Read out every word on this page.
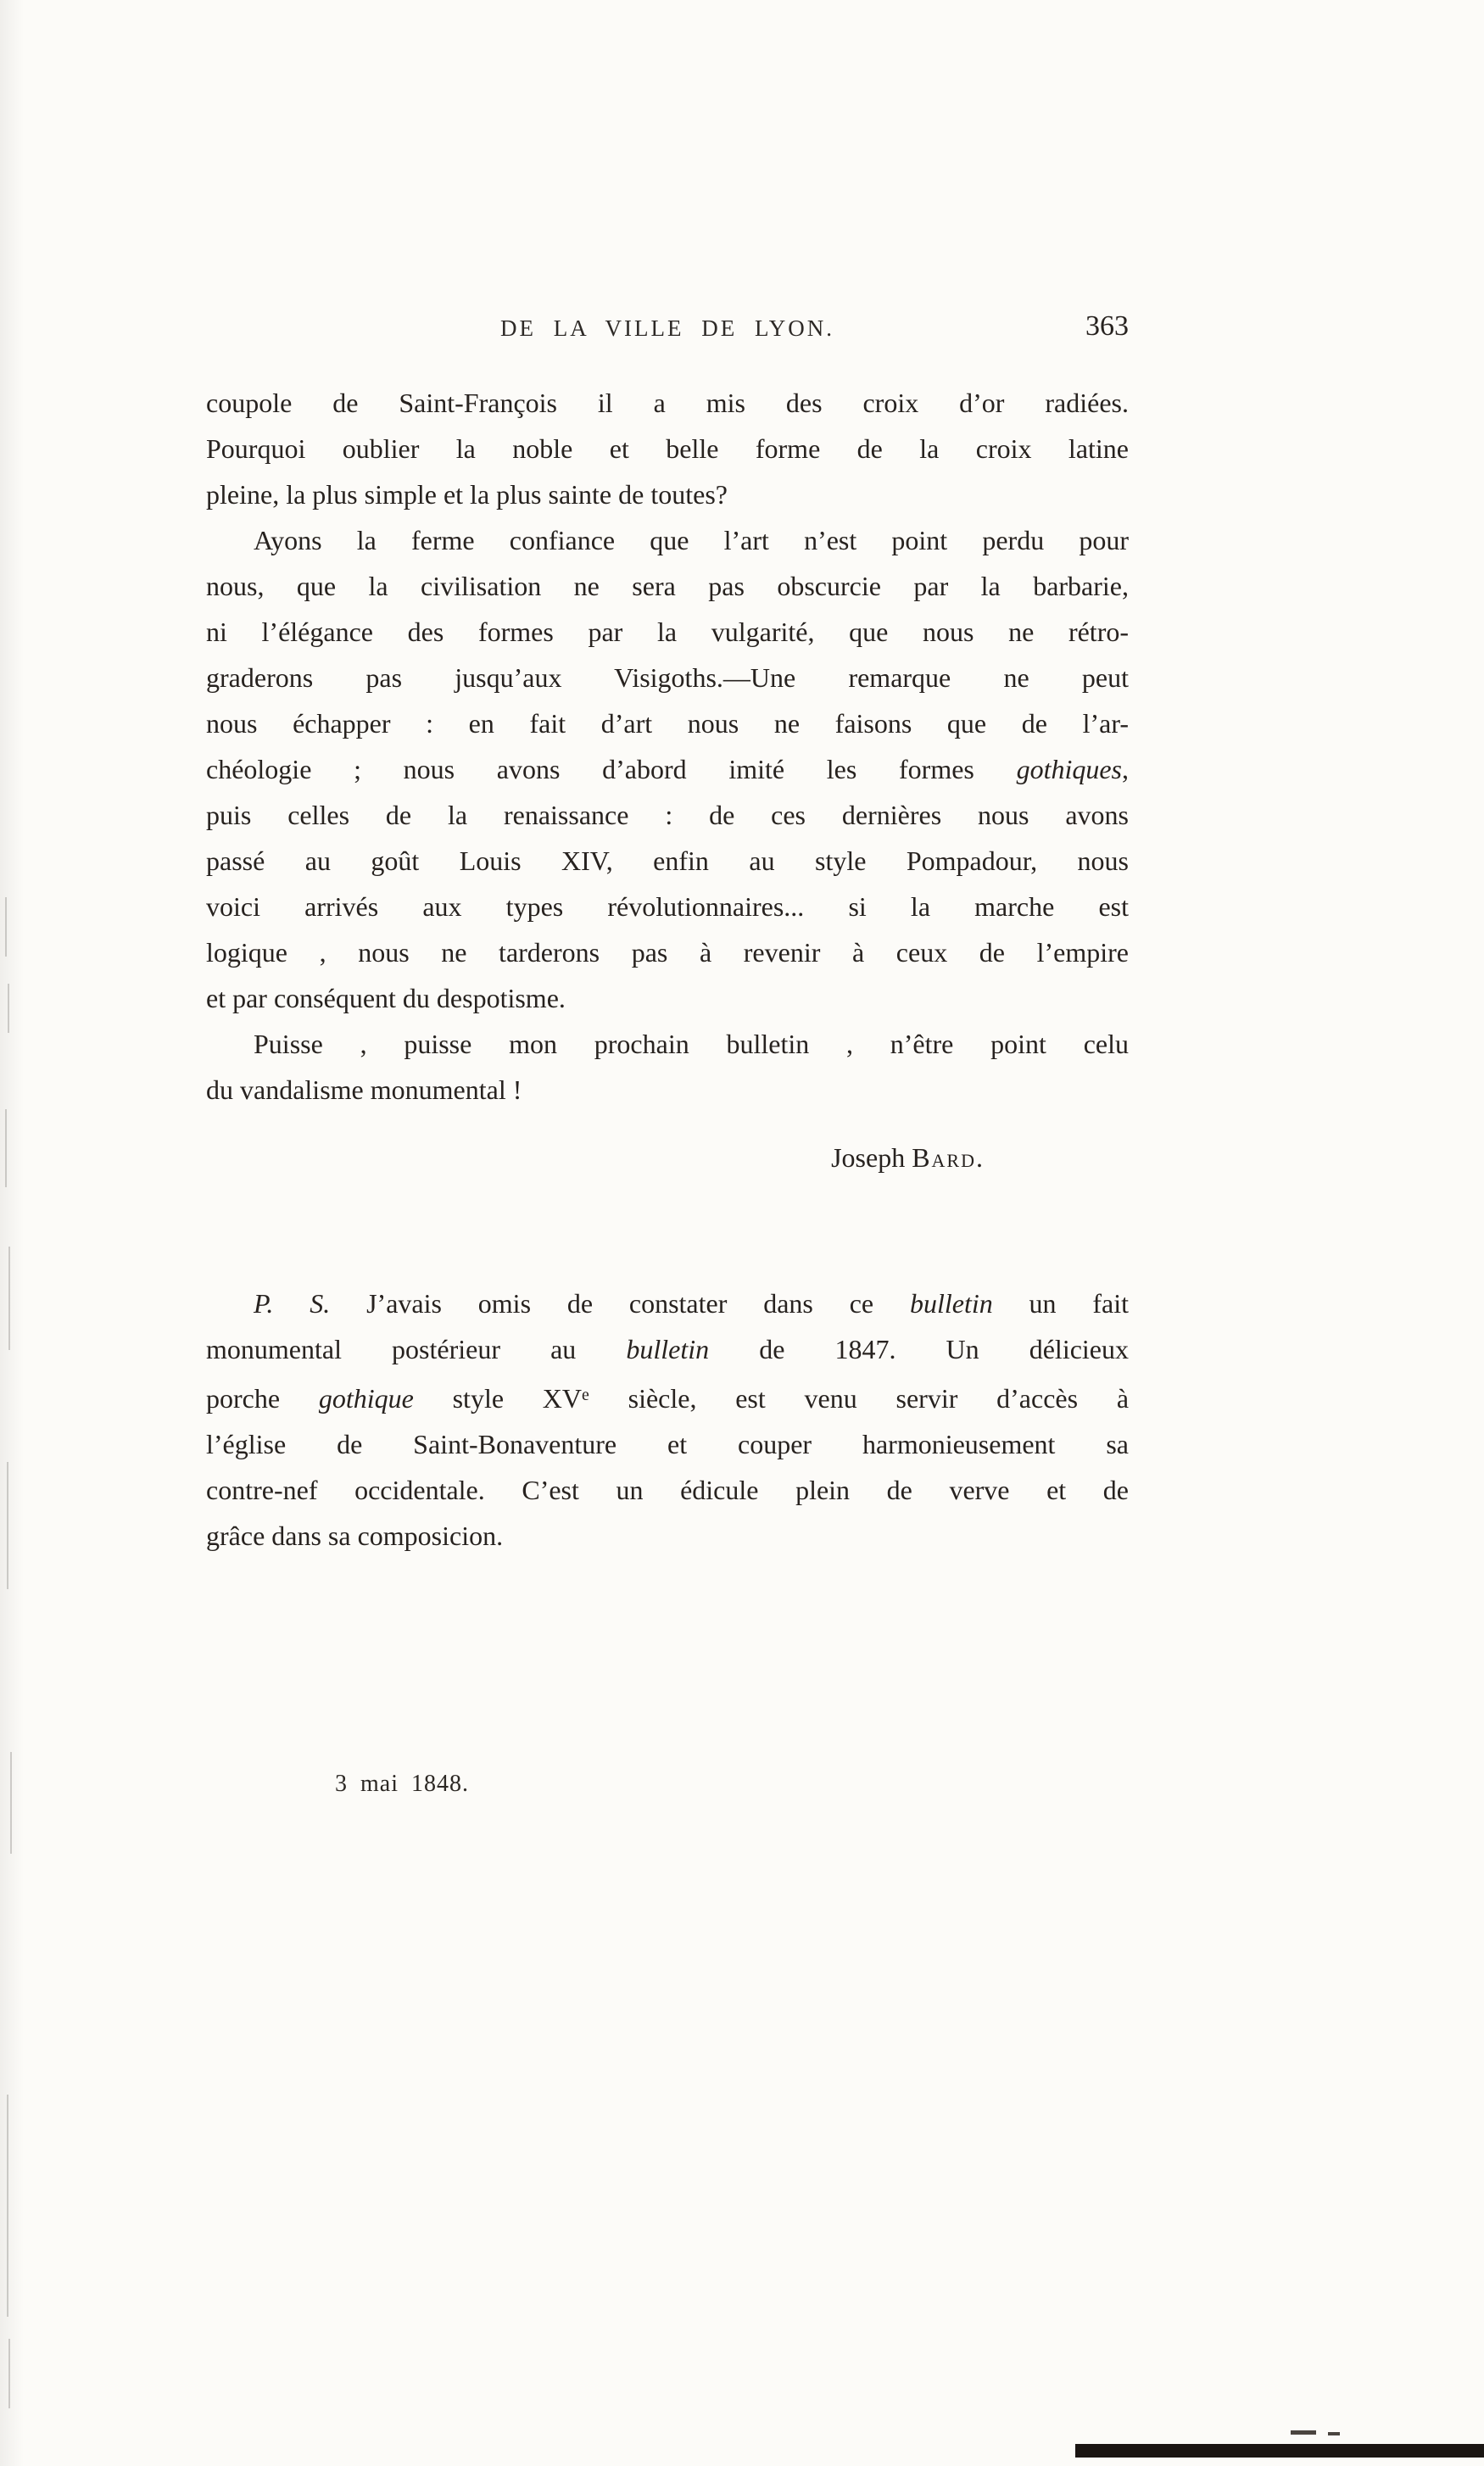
DE LA VILLE DE LYON.	363
coupole de Saint-François il a mis des croix d’or radiées.
Pourquoi oublier la noble et belle forme de la croix latine
pleine, la plus simple et la plus sainte de toutes?
Ayons la ferme confiance que l’art n’est point perdu pour
nous, que la civilisation ne sera pas obscurcie par la barbarie,
ni l’élégance des formes par la vulgarité, que nous ne rétro-
graderons pas jusqu’aux Visigoths.—Une remarque ne peut
nous échapper : en fait d’art nous ne faisons que de l’ar-
chéologie ; nous avons d’abord imité les formes gothiques,
puis celles de la renaissance : de ces dernières nous avons
passé au goût Louis XIV, enfin au style Pompadour, nous
voici arrivés aux types révolutionnaires... si la marche est
logique , nous ne tarderons pas à revenir à ceux de l’empire
et par conséquent du despotisme.
Puisse , puisse mon prochain bulletin , n’être point celu
du vandalisme monumental !
Joseph Bard.
P. S. J’avais omis de constater dans ce bulletin un fait
monumental postérieur au bulletin de 1847. Un délicieux
porche gothique style XVe siècle, est venu servir d’accès à
l’église de Saint-Bonaventure et couper harmonieusement sa
contre-nef occidentale. C’est un édicule plein de verve et de
grâce dans sa composicion.
3 mai 1848.
